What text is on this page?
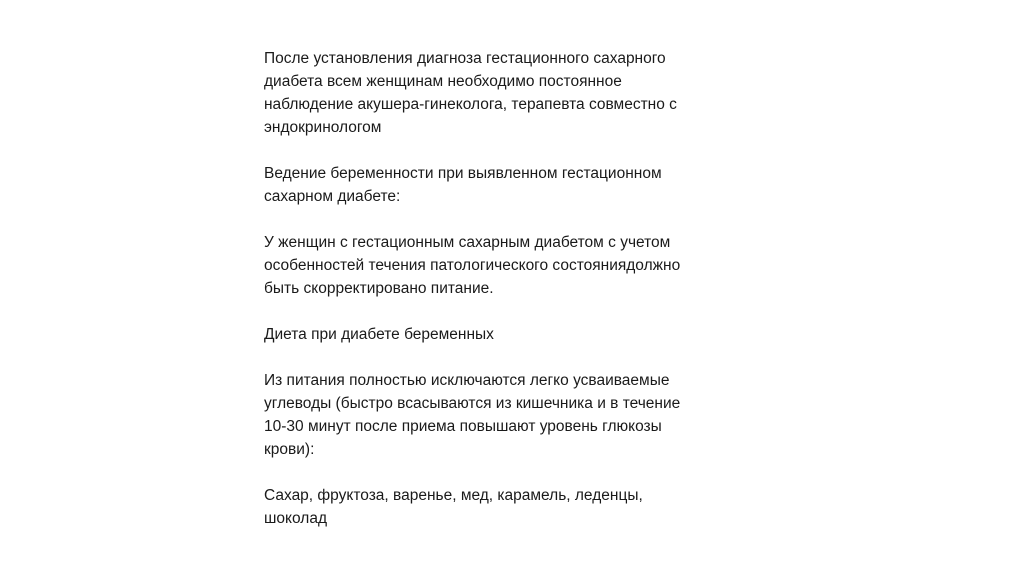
После установления диагноза гестационного сахарного
диабета всем женщинам необходимо постоянное
наблюдение акушера-гинеколога, терапевта совместно с
эндокринологом

Ведение беременности при выявленном гестационном
сахарном диабете:

У женщин с гестационным сахарным диабетом с учетом
особенностей течения патологического состояниядолжно
быть скорректировано питание.

Диета при диабете беременных

Из питания полностью исключаются легко усваиваемые
углеводы (быстро всасываются из кишечника и в течение
10-30 минут после приема повышают уровень глюкозы
крови):

Сахар, фруктоза, варенье, мед, карамель, леденцы,
шоколад
